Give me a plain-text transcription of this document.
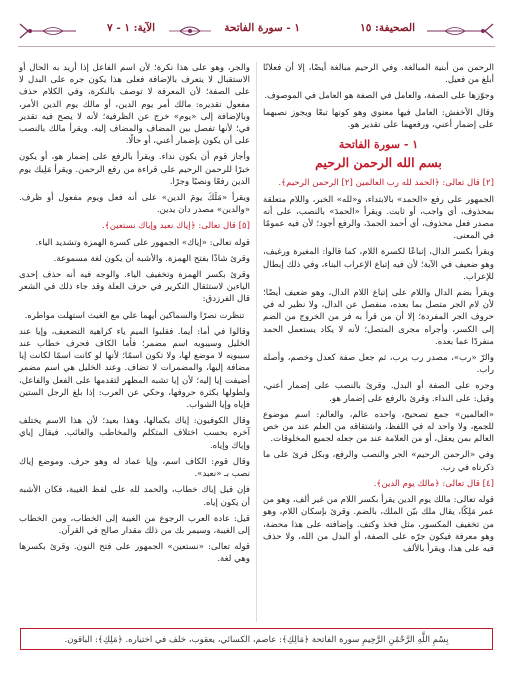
الصحيفة: ١٥
١ - سورة الفاتحة
الآية: ١ - ٧

الرحمن من أبنية المبالغة. وفي الرحيم مبالغة أيضًا، إلا أن فعلانًا أبلغ من فعيل.

وجوّزها على الصفة، والعامل في الصفة هو العامل في الموصوف.

وقال الأخفش: العامل فيها معنوي وهو كونها تبعًا ويجوز نصبهما على إضمار أعني، ورفعهما على تقدير هو.

١ - سورة الفاتحة
بسم الله الرحمن الرحيم

[٢] قال تعالى: ﴿الحمد لله رب العالمين [٢] الرحمن الرحيم﴾.

الجمهور على رفع «الحمد» بالابتداء، و«لله» الخبر، واللام متعلقة بمحذوف، أي واجب، أو ثابت. ويقرأ «الحمدَ» بالنصب، على أنه مصدر فعل محذوف، أي أحمد الحمدَ، والرفع أجود؛ لأن فيه عمومًا في المعنى.

ويقرأ بكسر الدال، إتباعًا لكسرة اللام، كما قالوا: المغيرة ورغيف، وهو ضعيف في الآية؛ لأن فيه إتباع الإعراب البناء، وفي ذلك إبطال للإعراب.

ويقرأ بضم الدال واللام على إتباع اللام الدال، وهو ضعيف أيضًا؛ لأن لام الجر متصل بما بعده، منفصل عن الدال، ولا نظير له في حروف الجر المفردة؛ إلا أن من قرأ به فر من الخروج من الضم إلى الكسر، وأجراه مجرى المتصل؛ لأنه لا يكاد يستعمل الحمد منفردًا عما بعده.

والرّ «رب»، مصدر رب يرب، ثم جعل صفة كعدل وخصم، وأصله راب.

وجره على الصفة أو البدل. وقرئ بالنصب على إضمار أعني، وقيل: على النداء. وقرئ بالرفع على إضمار هو.

«العالمين» جمع تصحيح، واحده عالم، والعالم: اسم موضوع للجمع، ولا واحد له في اللفظ، واشتقاقه من العلم عند من خص العالم بمن يعقل، أو من العلامة عند من جعله لجميع المخلوقات.

وفي «الرحمن الرحيم» الجر والنصب والرفع، وبكل قرئ على ما ذكرناه في رب.

[٤] قال تعالى: ﴿مالك يوم الدين﴾.

قوله تعالى: مالك يوم الدين يقرأ بكسر اللام من غير ألف، وهو من عمر مَلِكًا، يقال ملك بيّن الملك، بالضم. وقرئ بإسكان اللام، وهو من تخفيف المكسور، مثل فخذ وكتف. وإضافته على هذا محضة، وهو معرفة فيكون جرّه على الصفة، أو البدل من الله، ولا حذف فيه على هذا، ويقرأ بالألف

والجر، وهو على هذا نكرة؛ لأن اسم الفاعل إذا أريد به الحال أو الاستقبال لا يتعرف بالإضافة فعلى هذا يكون جره على البدل لا على الصفة؛ لأن المعرفة لا توصف بالنكرة، وفي الكلام حذف مفعول تقديره: مالك أمر يوم الدين، أو مالك يوم الدين الأمر، وبالإضافة إلى «يوم» خرج عن الظرفية؛ لأنه لا يصح فيه تقدير في؛ لأنها تفصل بين المضاف والمضاف إليه. ويقرأ مالك بالنصب على أن يكون بإضمار أعني، أو حالًا.

وأجاز قوم أن يكون نداء. ويقرأ بالرفع على إضمار هو، أو يكون خبرًا للرحمن الرحيم على قراءة من رفع الرحمن. ويقرأ مَلِيك يوم الدين رفعًا ونصبًا وجرًا.

ويقرأ «مَلَكَ يومَ الدين» على أنه فعل ويوم مفعول أو ظرف. «والدين» مصدر دان يدين.

[٥] قال تعالى: ﴿إياك نعبد وإياك نستعين﴾.

قوله تعالى: «إياك» الجمهور على كسرة الهمزة وتشديد الياء.

وقرئ شاذًا بفتح الهمزة. والأشبه أن يكون لغة مسموعة.

وقرئ بكسر الهمزة وتخفيف الياء. والوجه فيه أنه حذف إحدى الياءين لاستثقال التكرير في حرف العلة وقد جاء ذلك في الشعر قال الفرزدق:

تنظرت نصرًا والسماكين أيهما علي مع الغيث استهلت مواطره.

وقالوا في أما: أيما. فقلبوا الميم ياء كراهية التضعيف، وإيا عند الخليل وسيبويه اسم مضمر؛ فأما الكاف فحرف خطاب عند سيبويه لا موضع لها، ولا تكون اسمًا؛ لأنها لو كانت اسمًا لكانت إيا مضافة إليها، والمضمرات لا تضاف. وعند الخليل هي اسم مضمر أضيفت إيا إليه؛ لأن إيا تشبه المظهر لتقدمها على الفعل والفاعل، ولطولها بكثرة حروفها، وحكي عن العرب: إذا بلغ الرجل الستين فإياه وإيا الشواب.

وقال الكوفيون: إياك بكمالها، وهذا بعيد؛ لأن هذا الاسم يختلف آخره بحسب اختلاف المتكلم والمخاطب والغائب. فيقال إياي وإياك وإياه.

وقال قوم: الكاف اسم، وإيا عماد له وهو حرف. وموضع إياك نصب بـ «نعبد».

فإن قيل إياك خطاب، والحمد لله على لفظ الغيبة، فكان الأشبه أن يكون إياه.

قيل: عادة العرب الرجوع من الغيبة إلى الخطاب، ومن الخطاب إلى الغيبة، وسيمر بك من ذلك مقدار صالح في القرآن.

قوله تعالى: «نستعين» الجمهور على فتح النون. وقرئ بكسرها وهي لغة.

بِسْمِ اللَّهِ الرَّحْمَٰنِ الرَّحِيمِ سورة الفاتحة ﴿مَالِكِ﴾: عاصم، الكسائي، يعقوب، خلف في اختياره. ﴿مَلِكِ﴾: الباقون.
